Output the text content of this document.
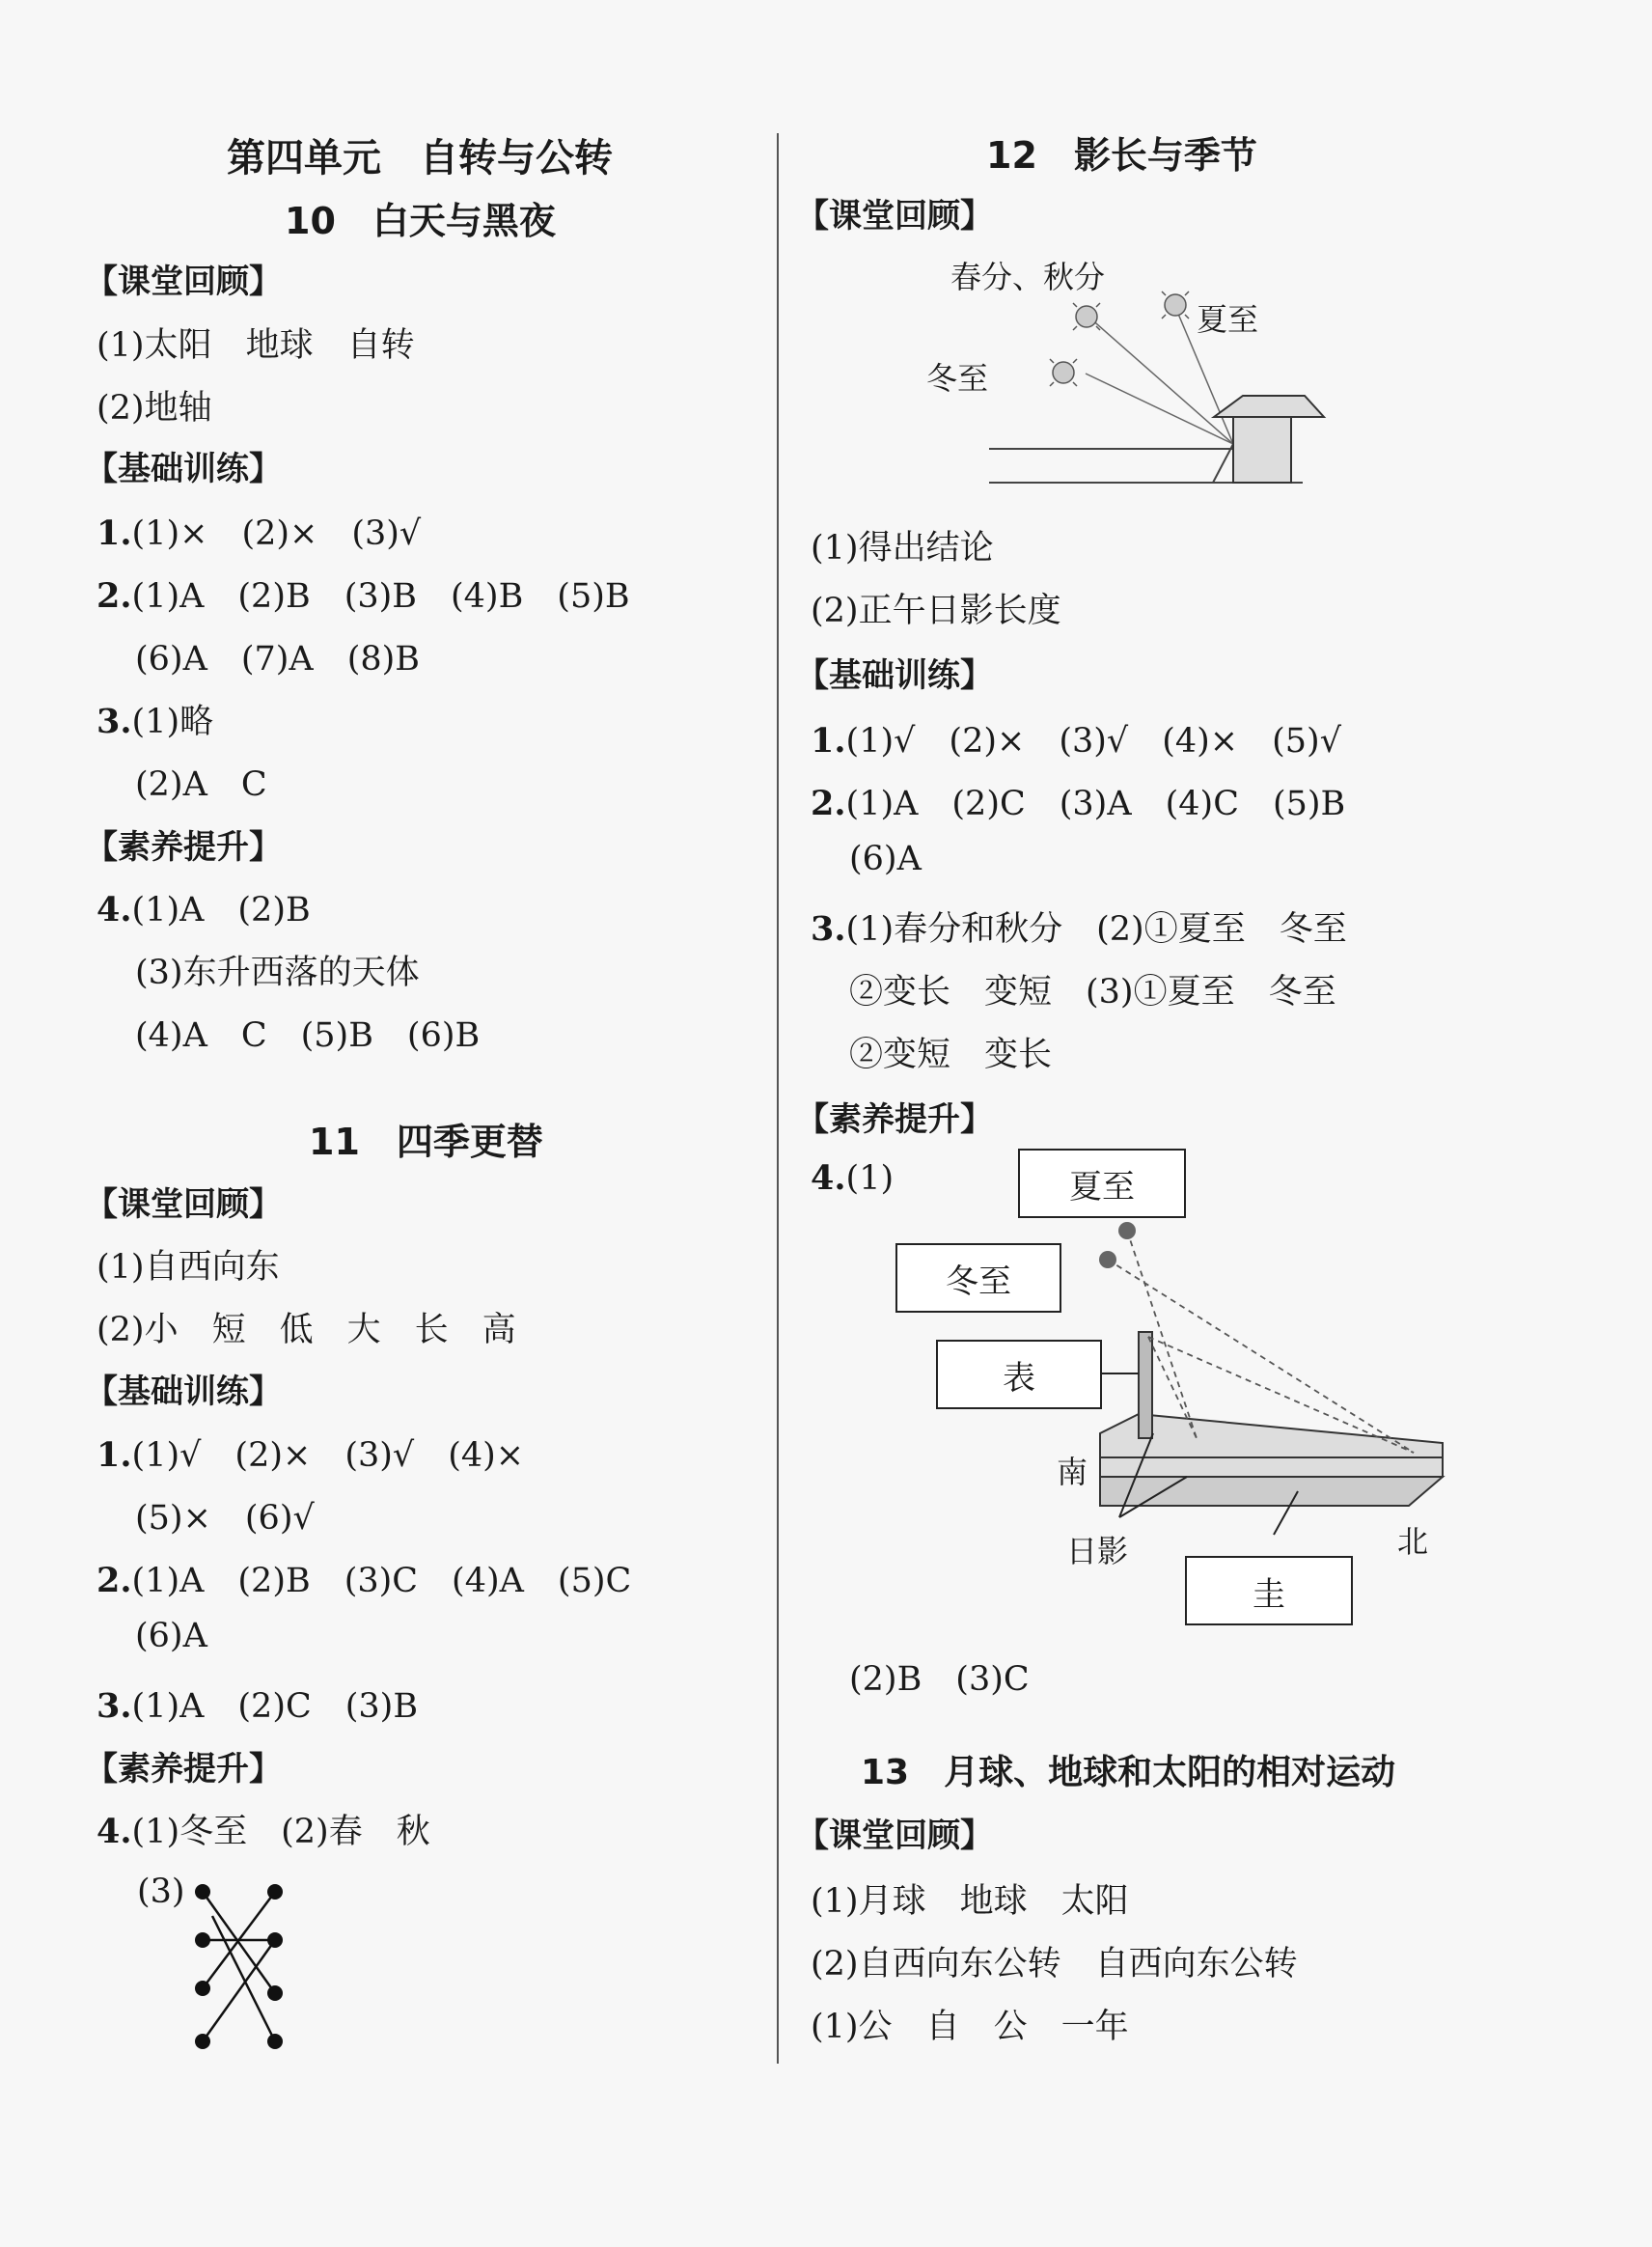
第四单元　自转与公转
10　白天与黑夜
【课堂回顾】
(1)太阳　地球　自转
(2)地轴
【基础训练】
1.(1)×　(2)×　(3)√
2.(1)A　(2)B　(3)B　(4)B　(5)B
(6)A　(7)A　(8)B
3.(1)略
(2)A　C
【素养提升】
4.(1)A　(2)B
(3)东升西落的天体
(4)A　C　(5)B　(6)B
11　四季更替
【课堂回顾】
(1)自西向东
(2)小　短　低　大　长　高
【基础训练】
1.(1)√　(2)×　(3)√　(4)×
(5)×　(6)√
2.(1)A　(2)B　(3)C　(4)A　(5)C
(6)A
3.(1)A　(2)C　(3)B
【素养提升】
4.(1)冬至　(2)春　秋
(3)
12　影长与季节
【课堂回顾】
春分、秋分
夏至
冬至
(1)得出结论
(2)正午日影长度
【基础训练】
1.(1)√　(2)×　(3)√　(4)×　(5)√
2.(1)A　(2)C　(3)A　(4)C　(5)B
(6)A
3.(1)春分和秋分　(2)①夏至　冬至
②变长　变短　(3)①夏至　冬至
②变短　变长
【素养提升】
4.(1)	夏至
冬至
表
圭
南
日影	北
(2)B　(3)C
13　月球、地球和太阳的相对运动
【课堂回顾】
(1)月球　地球　太阳
(2)自西向东公转　自西向东公转
(1)公　自　公　一年
